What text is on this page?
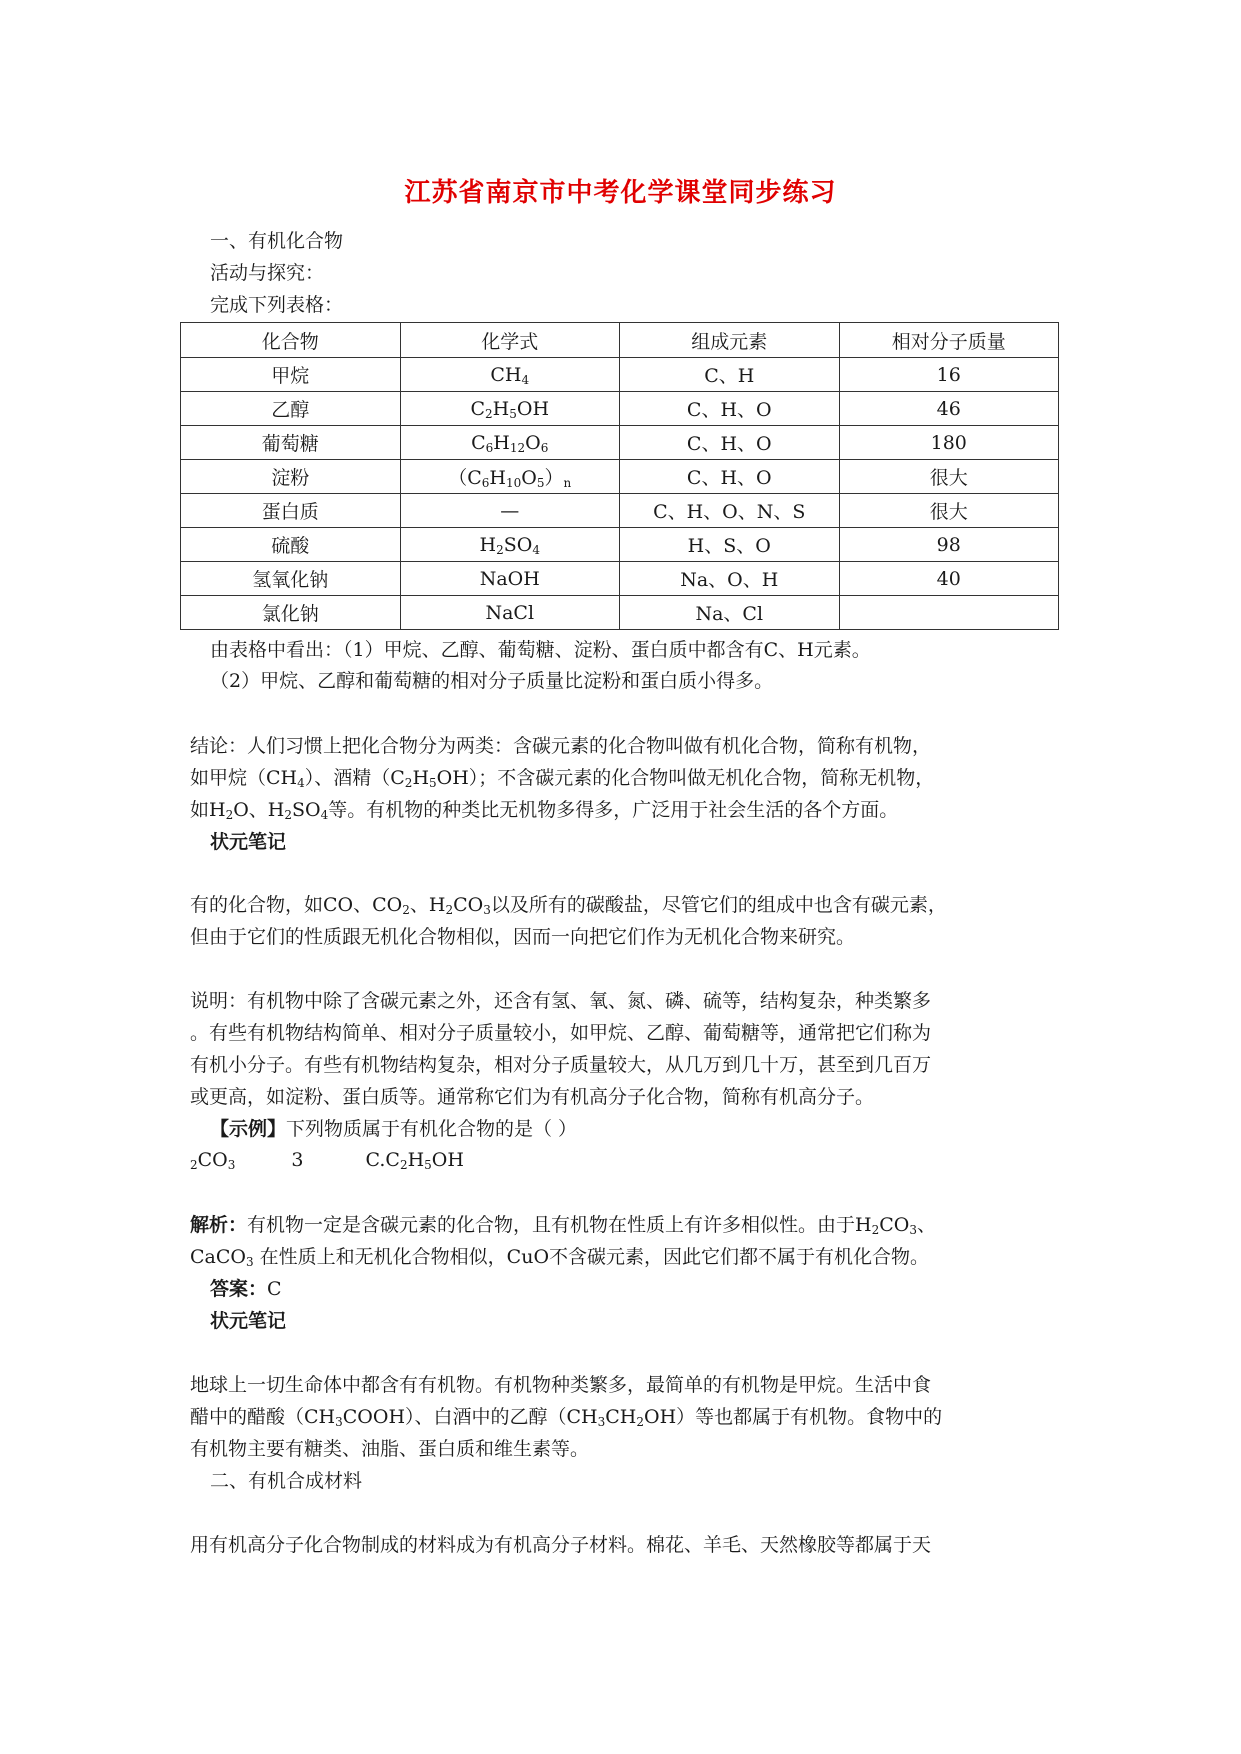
江苏省南京市中考化学课堂同步练习
一、有机化合物
活动与探究：
完成下列表格：
化合物	化学式	组成元素	相对分子质量
甲烷	$CH_4$	C、H	16
乙醇	$C_2H_5OH$	C、H、O	46
葡萄糖	$C_6H_{12}O_6$	C、H、O	180
淀粉	$(C_6H_{10}O_5)_n$	C、H、O	很大
蛋白质	—	C、H、O、N、S	很大
硫酸	$H_2SO_4$	H、S、O	98
氢氧化钠	NaOH	Na、O、H	40
氯化钠	NaCl	Na、Cl	
由表格中看出：（1）甲烷、乙醇、葡萄糖、淀粉、蛋白质中都含有C、H元素。
（2）甲烷、乙醇和葡萄糖的相对分子质量比淀粉和蛋白质小得多。
结论：人们习惯上把化合物分为两类：含碳元素的化合物叫做有机化合物，简称有机物，
如甲烷$(CH_4)$、酒精$(C_2H_5OH)$；不含碳元素的化合物叫做无机化合物，简称无机物，
如$H_2O$、$H_2SO_4$等。有机物的种类比无机物多得多，广泛用于社会生活的各个方面。
状元笔记
有的化合物，如CO、$CO_2$、$H_2CO_3$以及所有的碳酸盐，尽管它们的组成中也含有碳元素，
但由于它们的性质跟无机化合物相似，因而一向把它们作为无机化合物来研究。
说明：有机物中除了含碳元素之外，还含有氢、氧、氮、磷、硫等，结构复杂，种类繁多
。有些有机物结构简单、相对分子质量较小，如甲烷、乙醇、葡萄糖等，通常把它们称为
有机小分子。有些有机物结构复杂，相对分子质量较大，从几万到几十万，甚至到几百万
或更高，如淀粉、蛋白质等。通常称它们为有机高分子化合物，简称有机高分子。
【示例】下列物质属于有机化合物的是（ ）
$_2CO_3$	3	$C.C_2H_5OH$
解析：有机物一定是含碳元素的化合物，且有机物在性质上有许多相似性。由于$H_2CO_3$、
CaCO$_3$ 在性质上和无机化合物相似，CuO不含碳元素，因此它们都不属于有机化合物。
答案：C
状元笔记
地球上一切生命体中都含有有机物。有机物种类繁多，最简单的有机物是甲烷。生活中食
醋中的醋酸$(CH_3COOH)$、白酒中的乙醇$(CH_3CH_2OH)$等也都属于有机物。食物中的
有机物主要有糖类、油脂、蛋白质和维生素等。
二、有机合成材料
用有机高分子化合物制成的材料成为有机高分子材料。棉花、羊毛、天然橡胶等都属于天
